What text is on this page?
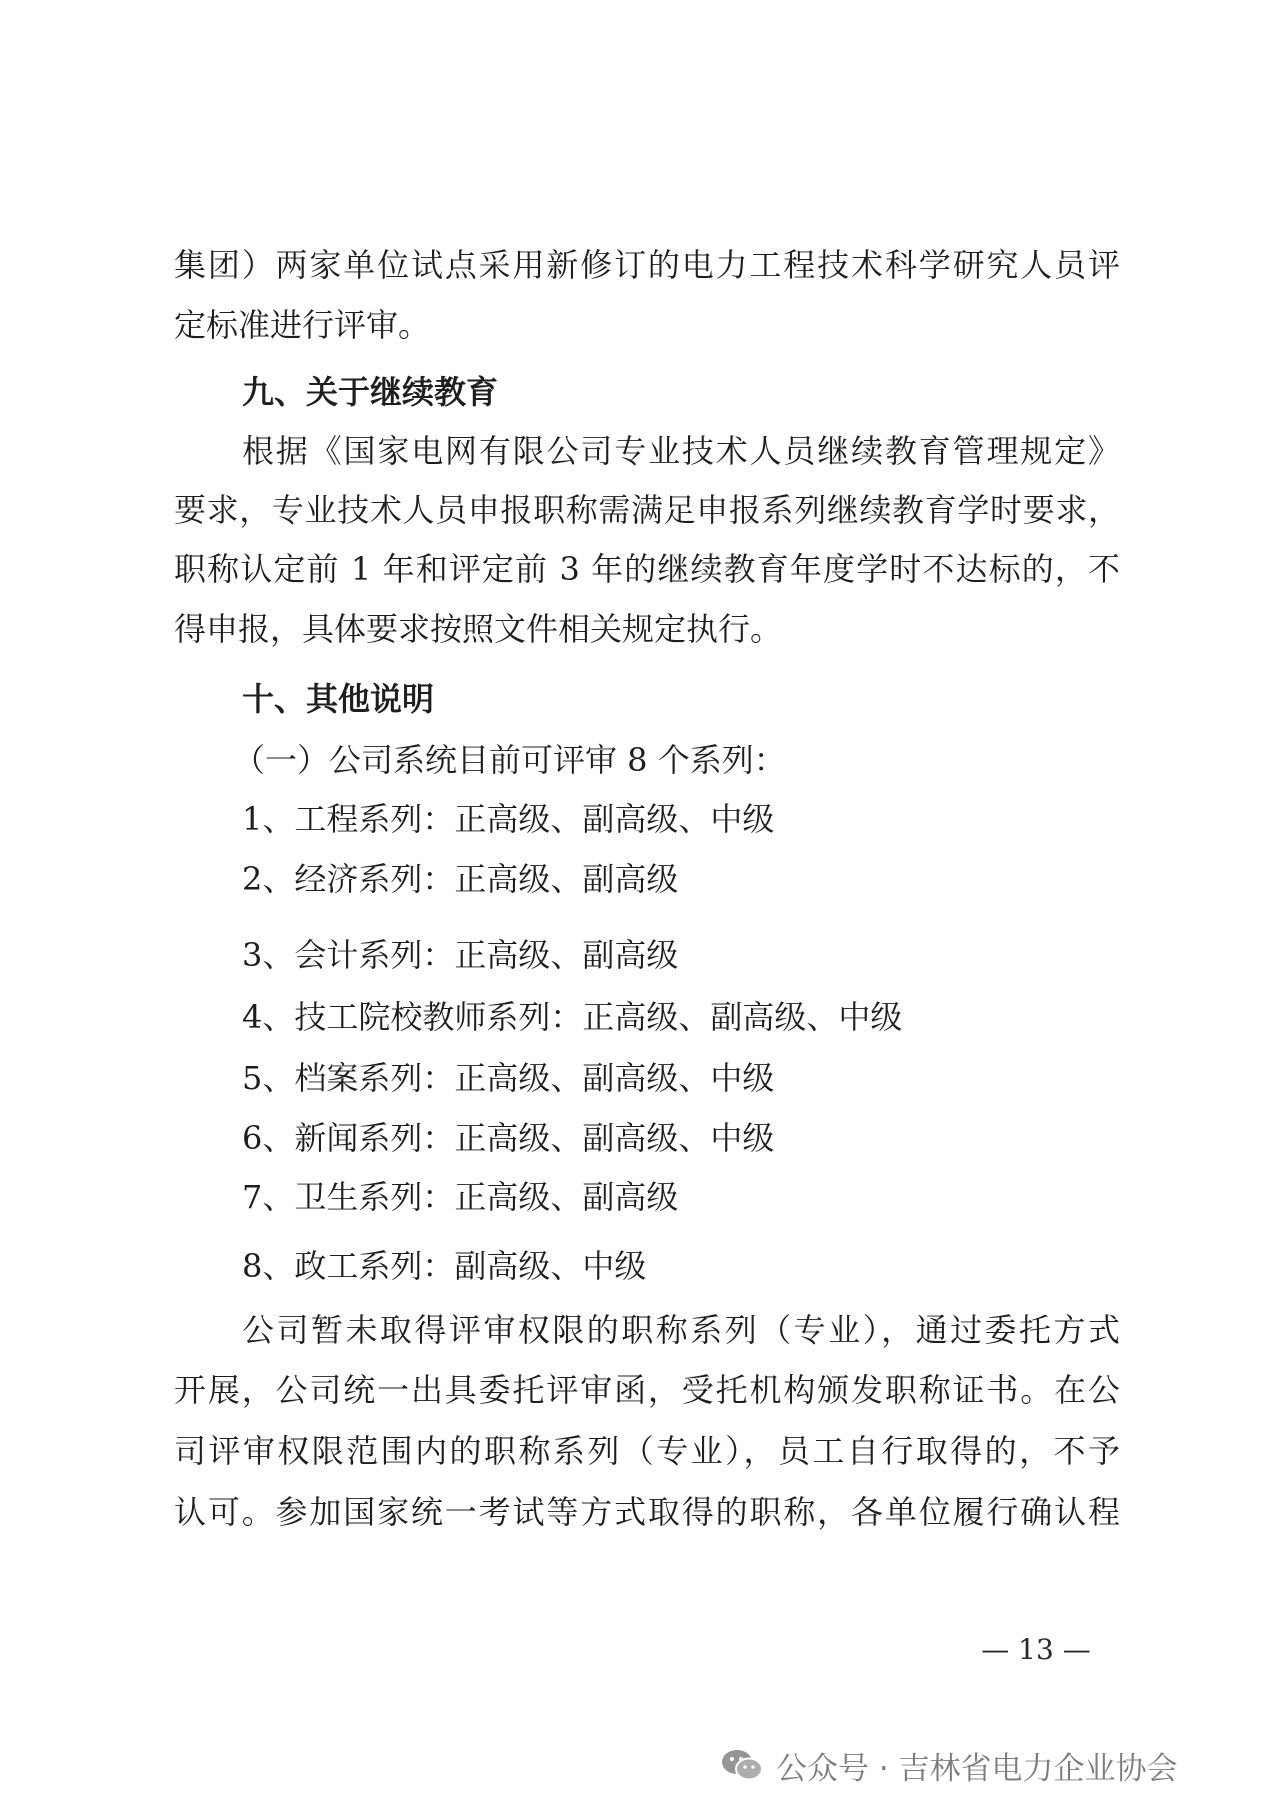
集团）两家单位试点采用新修订的电力工程技术科学研究人员评
定标准进行评审。
九、关于继续教育
根据《国家电网有限公司专业技术人员继续教育管理规定》
要求，专业技术人员申报职称需满足申报系列继续教育学时要求，
职称认定前 1 年和评定前 3 年的继续教育年度学时不达标的，不
得申报，具体要求按照文件相关规定执行。
十、其他说明
（一）公司系统目前可评审 8 个系列：
1、工程系列：正高级、副高级、中级
2、经济系列：正高级、副高级
3、会计系列：正高级、副高级
4、技工院校教师系列：正高级、副高级、中级
5、档案系列：正高级、副高级、中级
6、新闻系列：正高级、副高级、中级
7、卫生系列：正高级、副高级
8、政工系列：副高级、中级
公司暂未取得评审权限的职称系列（专业），通过委托方式
开展，公司统一出具委托评审函，受托机构颁发职称证书。在公
司评审权限范围内的职称系列（专业），员工自行取得的，不予
认可。参加国家统一考试等方式取得的职称，各单位履行确认程
— 13 —
公众号 · 吉林省电力企业协会
